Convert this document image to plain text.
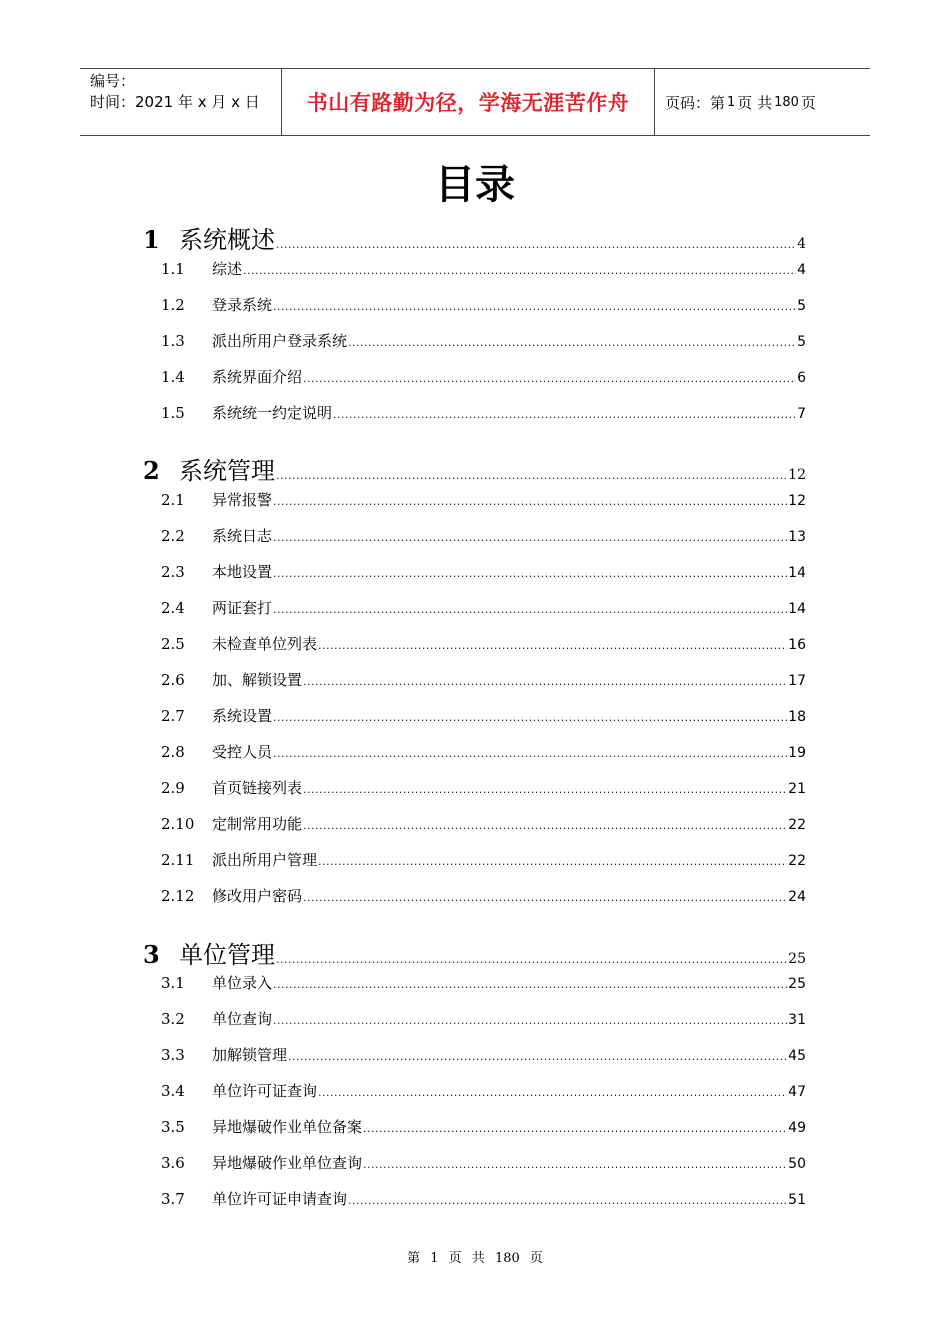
编号：
时间：2021 年 x 月 x 日	书山有路勤为径，学海无涯苦作舟 页码：第 1 页 共 180 页
目录
1 系统概述 .....	4
1.1	综述 .....	4
1.2	登录系统 .....	5
1.3	派出所用户登录系统 .....	5
1.4	系统界面介绍 .....	6
1.5	系统统一约定说明 .....	7
2 系统管理 .....	12
2.1	异常报警 .....	12
2.2	系统日志 .....	13
2.3	本地设置 .....	14
2.4	两证套打 .....	14
2.5	未检查单位列表 .....	16
2.6	加、解锁设置 .....	17
2.7	系统设置 .....	18
2.8	受控人员 .....	19
2.9	首页链接列表 .....	21
2.10	定制常用功能 .....	22
2.11	派出所用户管理 .....	22
2.12	修改用户密码 .....	24
3 单位管理 .....	25
3.1	单位录入 .....	25
3.2	单位查询 .....	31
3.3	加解锁管理 .....	45
3.4	单位许可证查询 .....	47
3.5	异地爆破作业单位备案 .....	49
3.6	异地爆破作业单位查询 .....	50
3.7	单位许可证申请查询 .....	51
第 1 页 共 180 页
